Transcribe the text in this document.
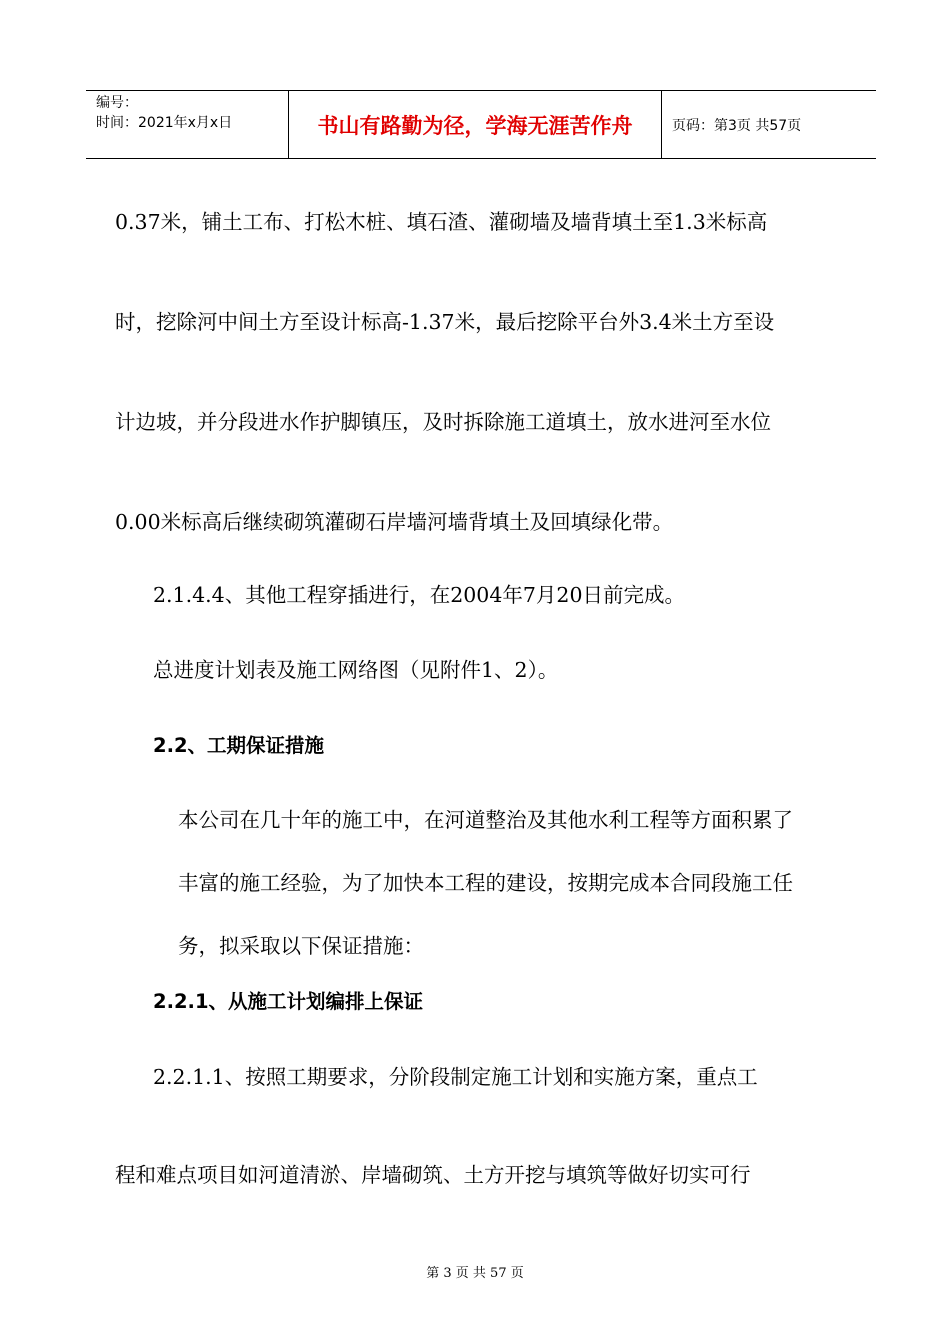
编号：
时间：2021年x月x日	书山有路勤为径，学海无涯苦作舟	页码：第3页 共57页
0.37米，铺土工布、打松木桩、填石渣、灌砌墙及墙背填土至1.3米标高
时，挖除河中间土方至设计标高-1.37米，最后挖除平台外3.4米土方至设
计边坡，并分段进水作护脚镇压，及时拆除施工道填土，放水进河至水位
0.00米标高后继续砌筑灌砌石岸墙河墙背填土及回填绿化带。
2.1.4.4、其他工程穿插进行，在2004年7月20日前完成。
总进度计划表及施工网络图（见附件1、2）。
2.2、工期保证措施
本公司在几十年的施工中，在河道整治及其他水利工程等方面积累了
丰富的施工经验，为了加快本工程的建设，按期完成本合同段施工任
务，拟采取以下保证措施：
2.2.1、从施工计划编排上保证
2.2.1.1、按照工期要求，分阶段制定施工计划和实施方案，重点工
程和难点项目如河道清淤、岸墙砌筑、土方开挖与填筑等做好切实可行
第 3 页 共 57 页
